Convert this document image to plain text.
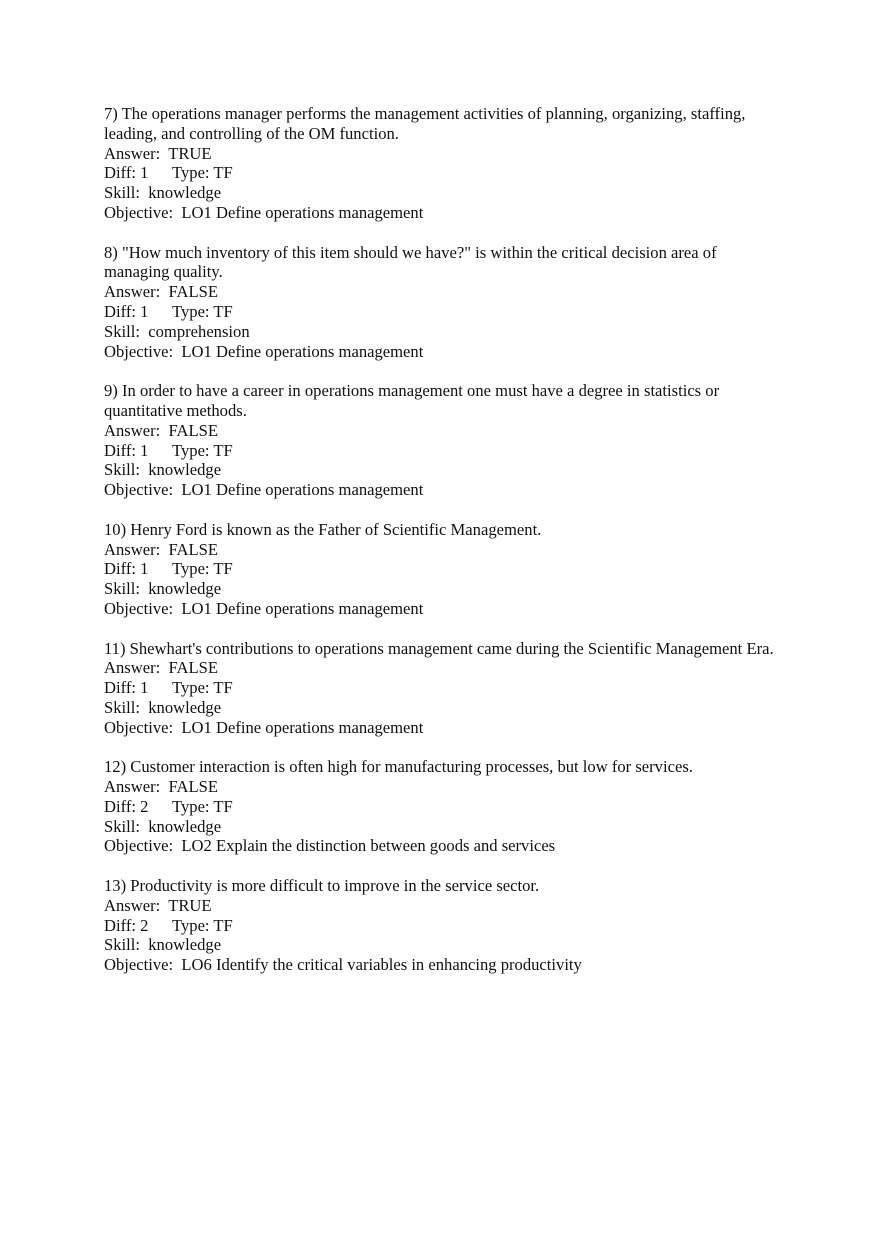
7) The operations manager performs the management activities of planning, organizing, staffing, leading, and controlling of the OM function.
Answer:  TRUE
Diff: 1 Type: TF
Skill:  knowledge
Objective:  LO1 Define operations management
8) "How much inventory of this item should we have?" is within the critical decision area of managing quality.
Answer:  FALSE
Diff: 1 Type: TF
Skill:  comprehension
Objective:  LO1 Define operations management
9) In order to have a career in operations management one must have a degree in statistics or quantitative methods.
Answer:  FALSE
Diff: 1 Type: TF
Skill:  knowledge
Objective:  LO1 Define operations management
10) Henry Ford is known as the Father of Scientific Management.
Answer:  FALSE
Diff: 1 Type: TF
Skill:  knowledge
Objective:  LO1 Define operations management
11) Shewhart's contributions to operations management came during the Scientific Management Era.
Answer:  FALSE
Diff: 1 Type: TF
Skill:  knowledge
Objective:  LO1 Define operations management
12) Customer interaction is often high for manufacturing processes, but low for services.
Answer:  FALSE
Diff: 2 Type: TF
Skill:  knowledge
Objective:  LO2 Explain the distinction between goods and services
13) Productivity is more difficult to improve in the service sector.
Answer:  TRUE
Diff: 2 Type: TF
Skill:  knowledge
Objective:  LO6 Identify the critical variables in enhancing productivity
